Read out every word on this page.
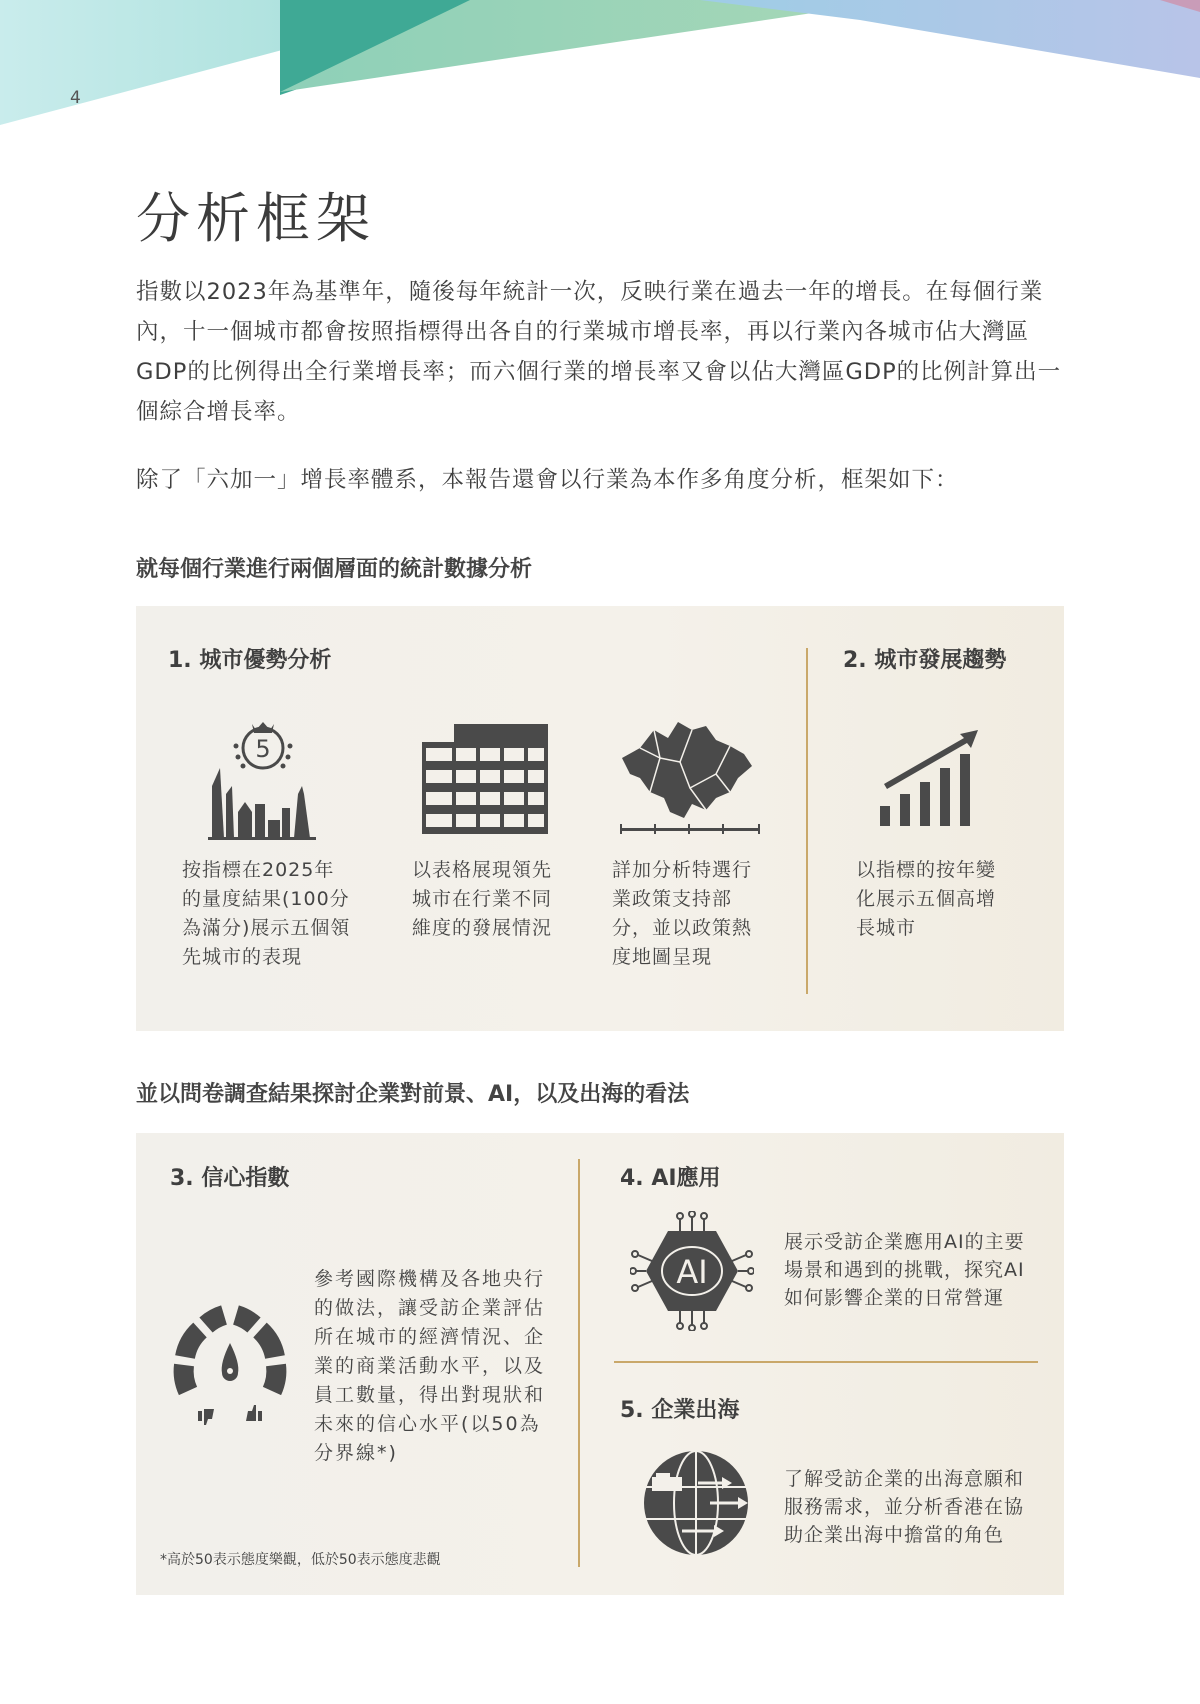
4
分析框架

指數以2023年為基準年，隨後每年統計一次，反映行業在過去一年的增長。在每個行業內，十一個城市都會按照指標得出各自的行業城市增長率，再以行業內各城市佔大灣區GDP的比例得出全行業增長率；而六個行業的增長率又會以佔大灣區GDP的比例計算出一個綜合增長率。

除了「六加一」增長率體系，本報告還會以行業為本作多角度分析，框架如下：

就每個行業進行兩個層面的統計數據分析
1. 城市優勢分析	2. 城市發展趨勢
5
按指標在2025年的量度結果(100分為滿分)展示五個領先城市的表現
以表格展現領先城市在行業不同維度的發展情況
詳加分析特選行業政策支持部分，並以政策熱度地圖呈現
以指標的按年變化展示五個高增長城市
並以問卷調查結果探討企業對前景、AI，以及出海的看法
3. 信心指數
參考國際機構及各地央行的做法，讓受訪企業評估所在城市的經濟情況、企業的商業活動水平，以及員工數量，得出對現狀和未來的信心水平(以50為分界線*)
*高於50表示態度樂觀，低於50表示態度悲觀
4. AI應用
AI
展示受訪企業應用AI的主要場景和遇到的挑戰，探究AI如何影響企業的日常營運
5. 企業出海
了解受訪企業的出海意願和服務需求，並分析香港在協助企業出海中擔當的角色
